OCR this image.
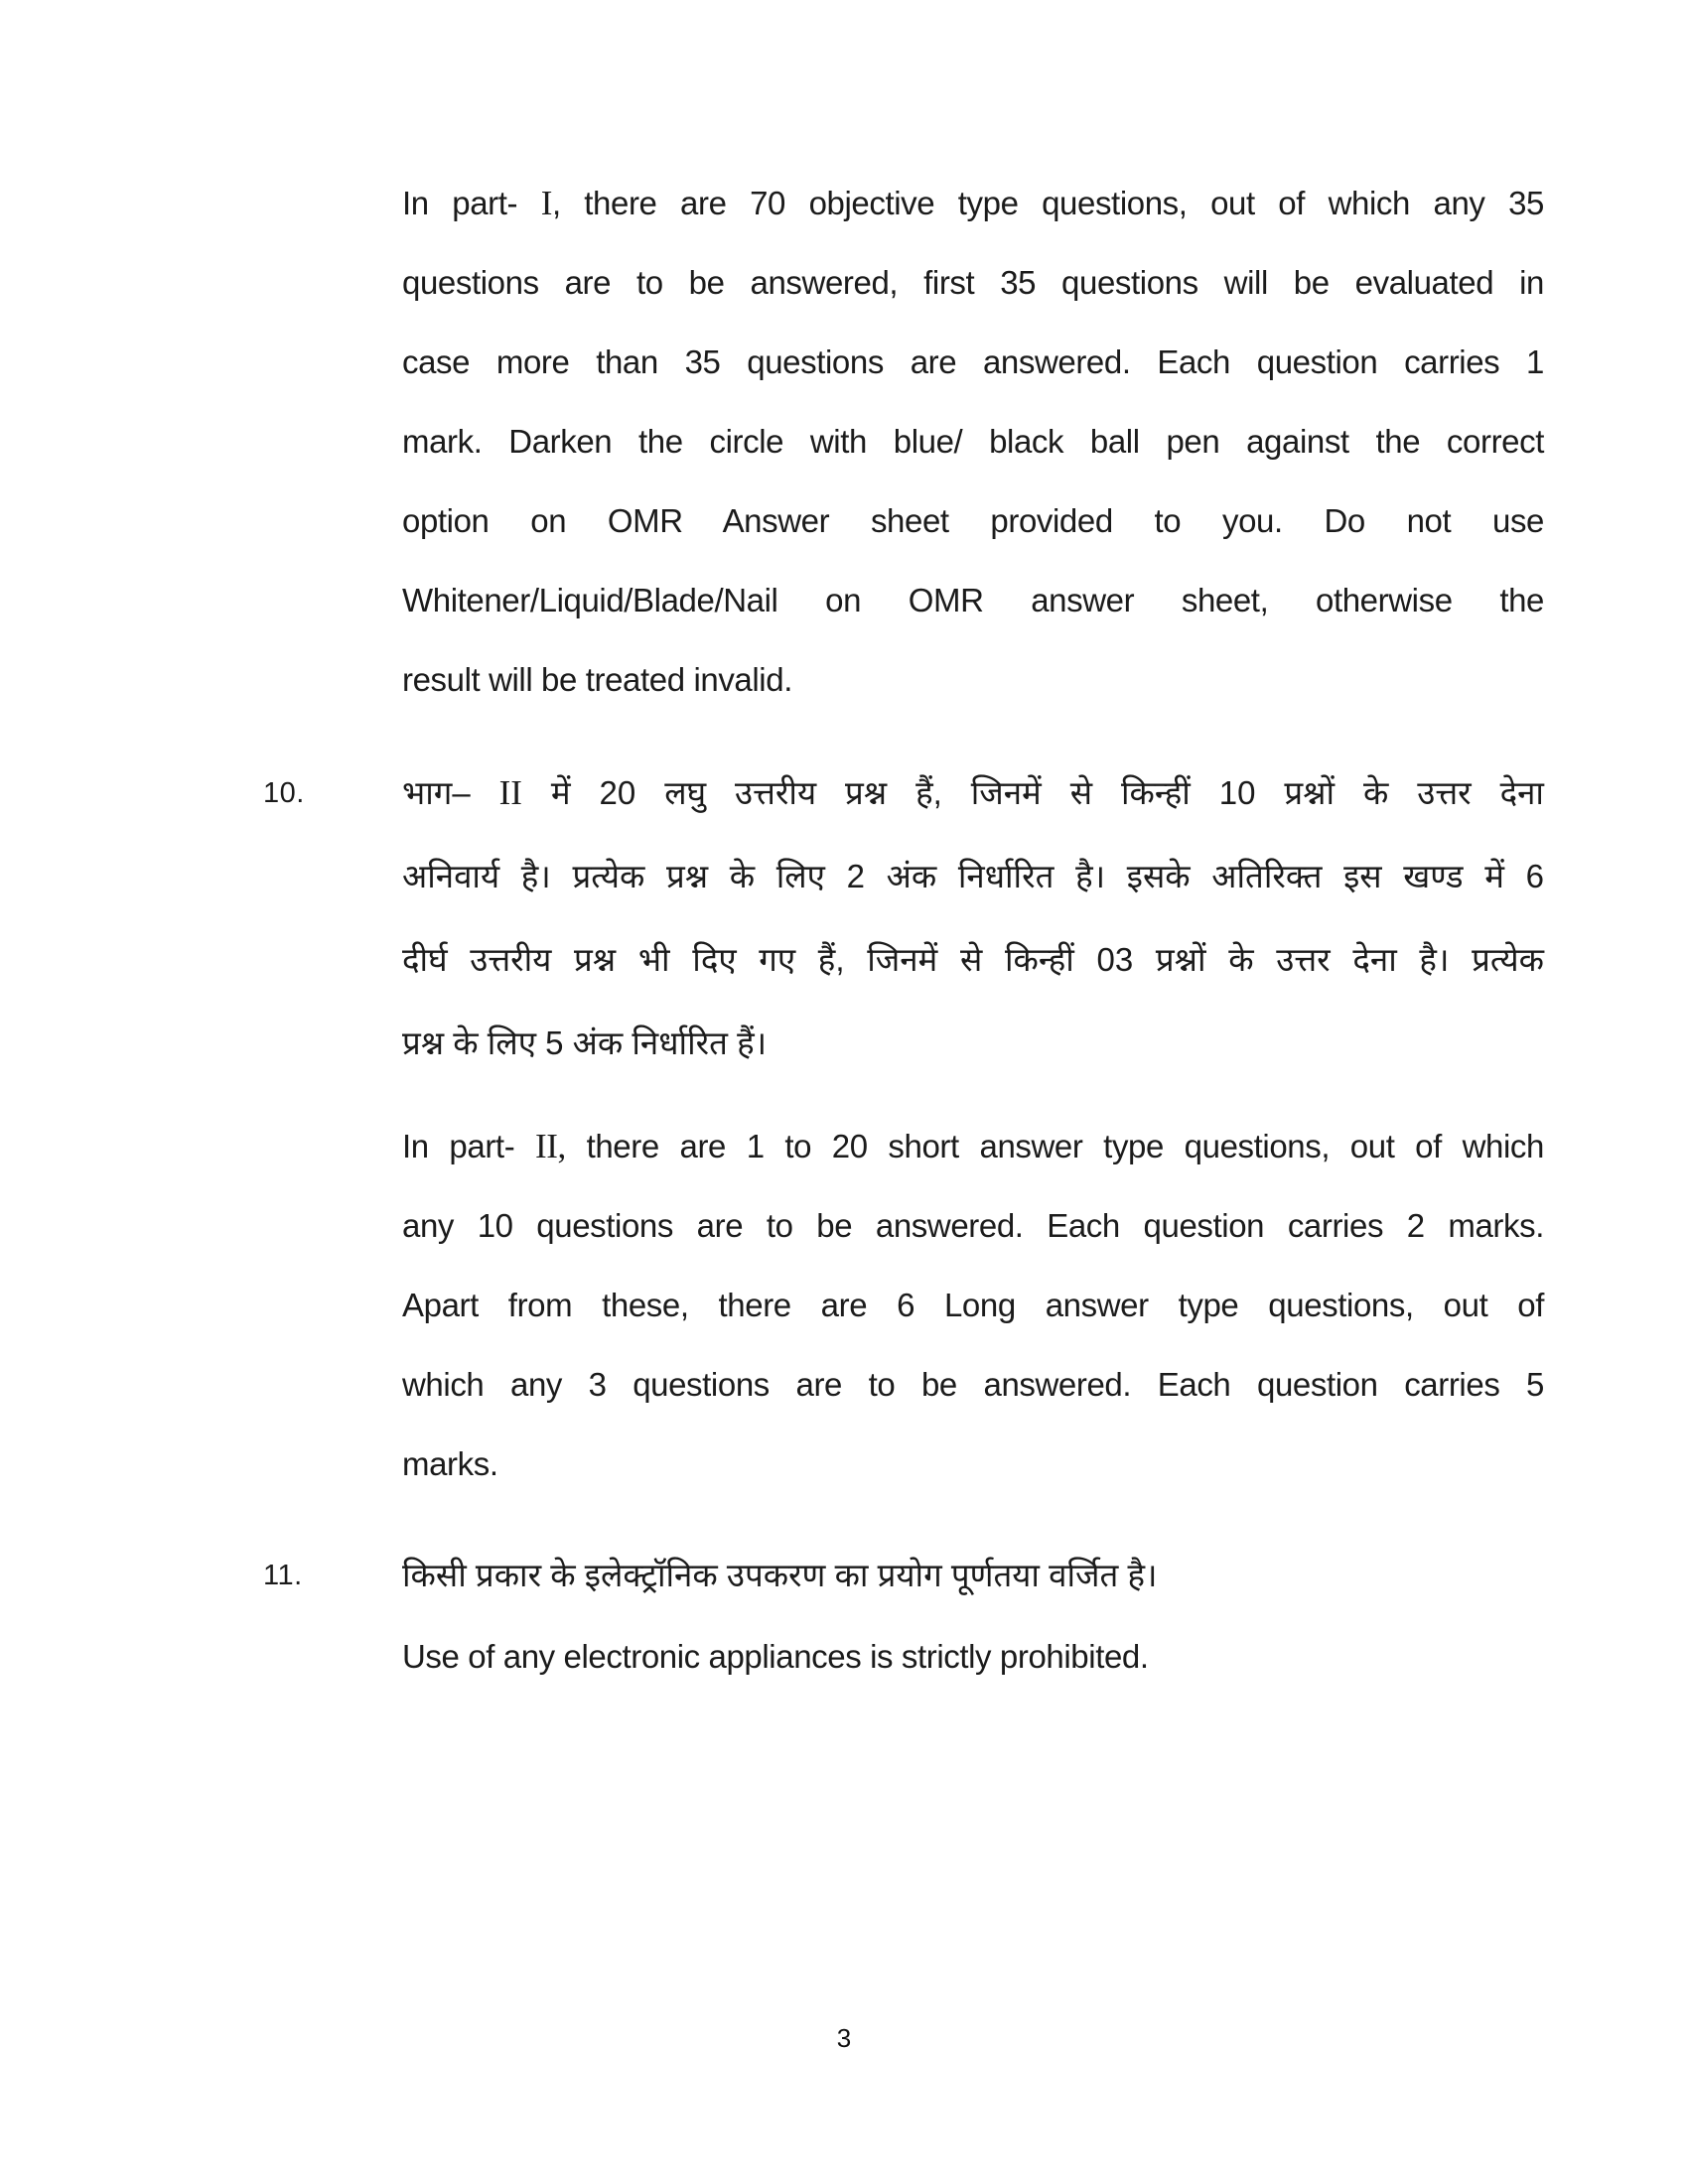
In part- I, there are 70 objective type questions, out of which any 35
questions are to be answered, first 35 questions will be evaluated in
case more than 35 questions are answered. Each question carries 1
mark. Darken the circle with blue/ black ball pen against the correct
option on OMR Answer sheet provided to you. Do not use
Whitener/Liquid/Blade/Nail on OMR answer sheet, otherwise the
result will be treated invalid.
10.	भाग– II में 20 लघु उत्तरीय प्रश्न हैं, जिनमें से किन्हीं 10 प्रश्नों के उत्तर देना
अनिवार्य है। प्रत्येक प्रश्न के लिए 2 अंक निर्धारित है। इसके अतिरिक्त इस खण्ड में 6
दीर्घ उत्तरीय प्रश्न भी दिए गए हैं, जिनमें से किन्हीं 03 प्रश्नों के उत्तर देना है। प्रत्येक
प्रश्न के लिए 5 अंक निर्धारित हैं।
In part- II, there are 1 to 20 short answer type questions, out of which
any 10 questions are to be answered. Each question carries 2 marks.
Apart from these, there are 6 Long answer type questions, out of
which any 3 questions are to be answered. Each question carries 5
marks.
11.	किसी प्रकार के इलेक्ट्रॉनिक उपकरण का प्रयोग पूर्णतया वर्जित है।
Use of any electronic appliances is strictly prohibited.
3
